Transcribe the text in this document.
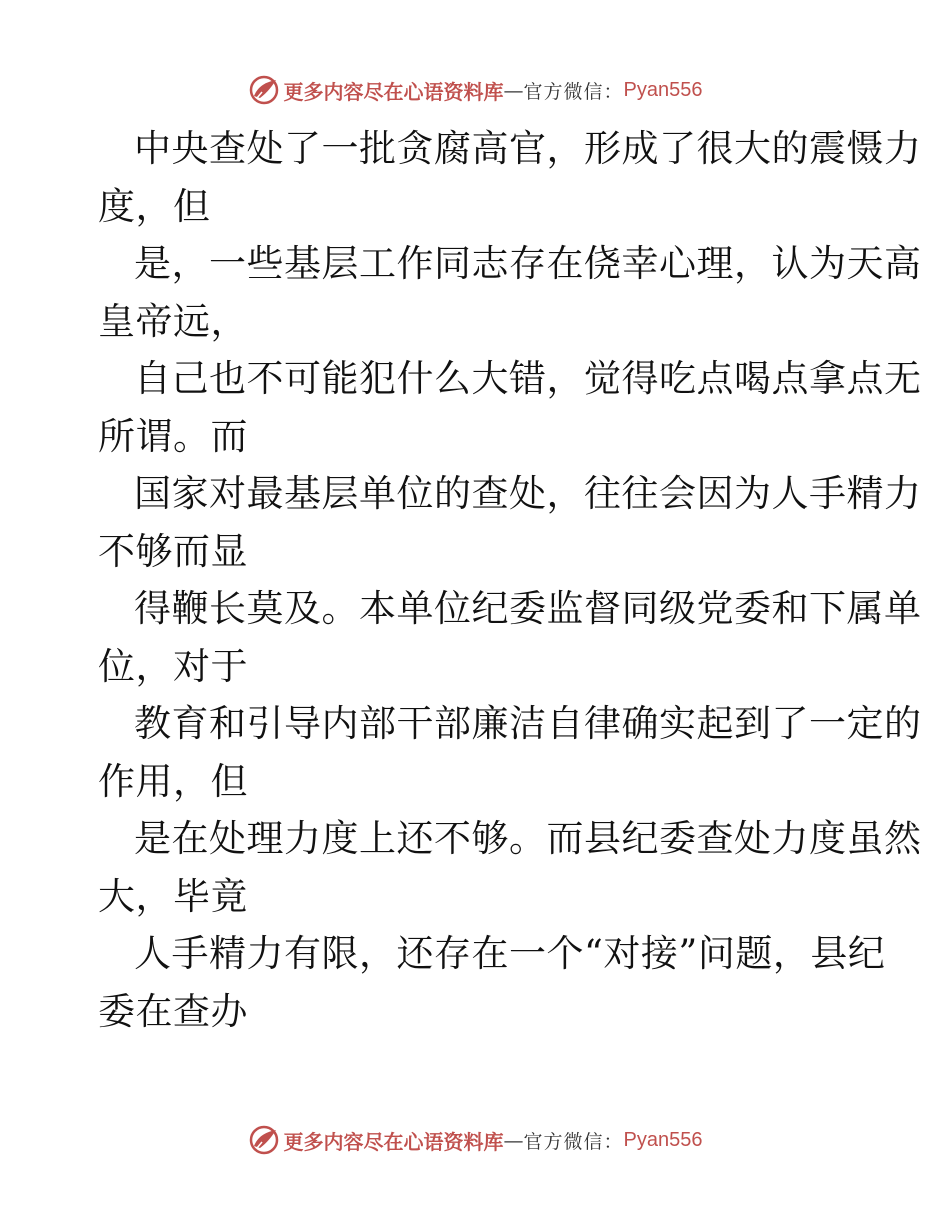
更多内容尽在心语资料库 — 官方微信： Pyan556
中央查处了一批贪腐高官，形成了很大的震慑力
度，但
是，一些基层工作同志存在侥幸心理，认为天高
皇帝远，
自己也不可能犯什么大错，觉得吃点喝点拿点无
所谓。而
国家对最基层单位的查处，往往会因为人手精力
不够而显
得鞭长莫及。本单位纪委监督同级党委和下属单
位，对于
教育和引导内部干部廉洁自律确实起到了一定的
作用，但
是在处理力度上还不够。而县纪委查处力度虽然
大，毕竟
人手精力有限，还存在一个“对接”问题，县纪
委在查办
更多内容尽在心语资料库 — 官方微信： Pyan556
